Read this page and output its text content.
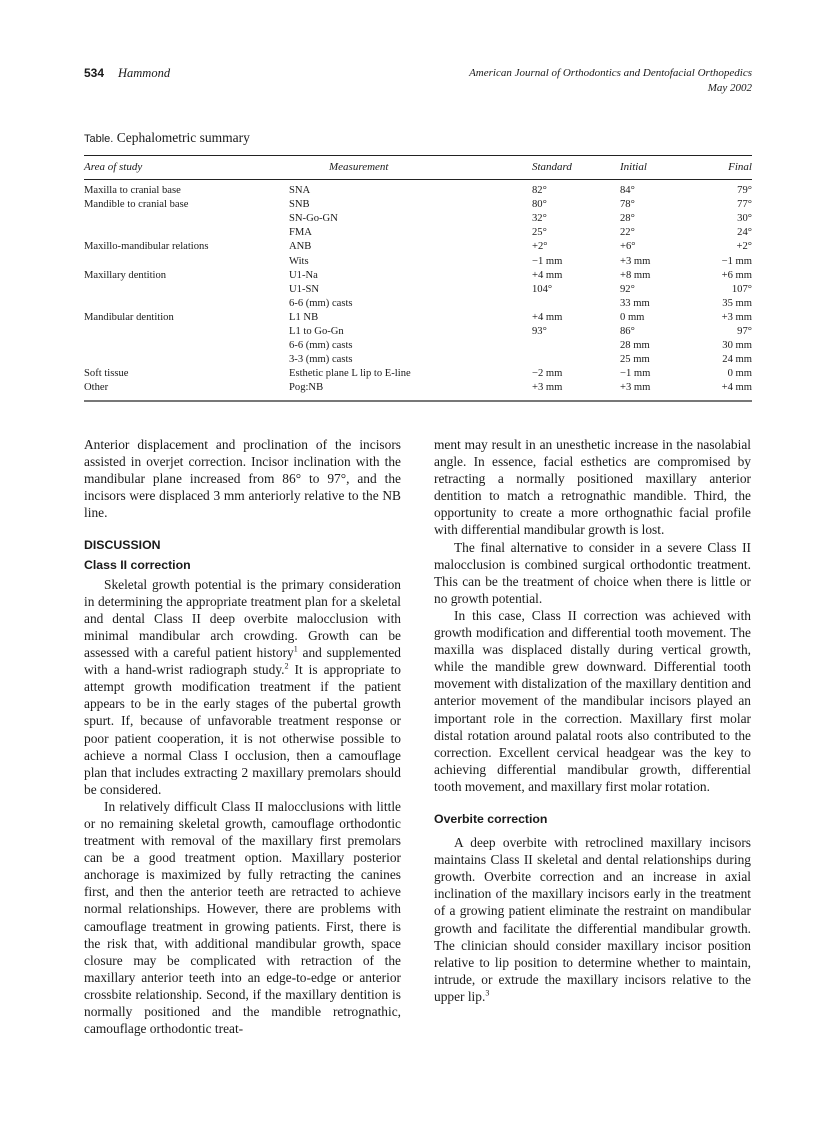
534 Hammond	American Journal of Orthodontics and Dentofacial Orthopedics
May 2002
Table. Cephalometric summary
Area of study	Measurement	Standard	Initial	Final
Maxilla to cranial base	SNA	82°	84°	79°
Mandible to cranial base	SNB	80°	78°	77°
	SN-Go-GN	32°	28°	30°
	FMA	25°	22°	24°
Maxillo-mandibular relations	ANB	+2°	+6°	+2°
	Wits	−1 mm	+3 mm	−1 mm
Maxillary dentition	U1-Na	+4 mm	+8 mm	+6 mm
	U1-SN	104°	92°	107°
	6-6 (mm) casts		33 mm	35 mm
Mandibular dentition	L1 NB	+4 mm	0 mm	+3 mm
	L1 to Go-Gn	93°	86°	97°
	6-6 (mm) casts		28 mm	30 mm
	3-3 (mm) casts		25 mm	24 mm
Soft tissue	Esthetic plane L lip to E-line	−2 mm	−1 mm	0 mm
Other	Pog:NB	+3 mm	+3 mm	+4 mm

Anterior displacement and proclination of the incisors assisted in overjet correction. Incisor inclination with the mandibular plane increased from 86° to 97°, and the incisors were displaced 3 mm anteriorly relative to the NB line.

DISCUSSION
Class II correction

Skeletal growth potential is the primary consideration in determining the appropriate treatment plan for a skeletal and dental Class II deep overbite malocclusion with minimal mandibular arch crowding. Growth can be assessed with a careful patient history$^1$ and supplemented with a hand-wrist radiograph study.$^2$ It is appropriate to attempt growth modification treatment if the patient appears to be in the early stages of the pubertal growth spurt. If, because of unfavorable treatment response or poor patient cooperation, it is not otherwise possible to achieve a normal Class I occlusion, then a camouflage plan that includes extracting 2 maxillary premolars should be considered.

In relatively difficult Class II malocclusions with little or no remaining skeletal growth, camouflage orthodontic treatment with removal of the maxillary first premolars can be a good treatment option. Maxillary posterior anchorage is maximized by fully retracting the canines first, and then the anterior teeth are retracted to achieve normal relationships. However, there are problems with camouflage treatment in growing patients. First, there is the risk that, with additional mandibular growth, space closure may be complicated with retraction of the maxillary anterior teeth into an edge-to-edge or anterior crossbite relationship. Second, if the maxillary dentition is normally positioned and the mandible retrognathic, camouflage orthodontic treat-

ment may result in an unesthetic increase in the nasolabial angle. In essence, facial esthetics are compromised by retracting a normally positioned maxillary anterior dentition to match a retrognathic mandible. Third, the opportunity to create a more orthognathic facial profile with differential mandibular growth is lost.

The final alternative to consider in a severe Class II malocclusion is combined surgical orthodontic treatment. This can be the treatment of choice when there is little or no growth potential.

In this case, Class II correction was achieved with growth modification and differential tooth movement. The maxilla was displaced distally during vertical growth, while the mandible grew downward. Differential tooth movement with distalization of the maxillary dentition and anterior movement of the mandibular incisors played an important role in the correction. Maxillary first molar distal rotation around palatal roots also contributed to the correction. Excellent cervical headgear was the key to achieving differential mandibular growth, differential tooth movement, and maxillary first molar rotation.

Overbite correction

A deep overbite with retroclined maxillary incisors maintains Class II skeletal and dental relationships during growth. Overbite correction and an increase in axial inclination of the maxillary incisors early in the treatment of a growing patient eliminate the restraint on mandibular growth and facilitate the differential mandibular growth. The clinician should consider maxillary incisor position relative to lip position to determine whether to maintain, intrude, or extrude the maxillary incisors relative to the upper lip.$^3$
